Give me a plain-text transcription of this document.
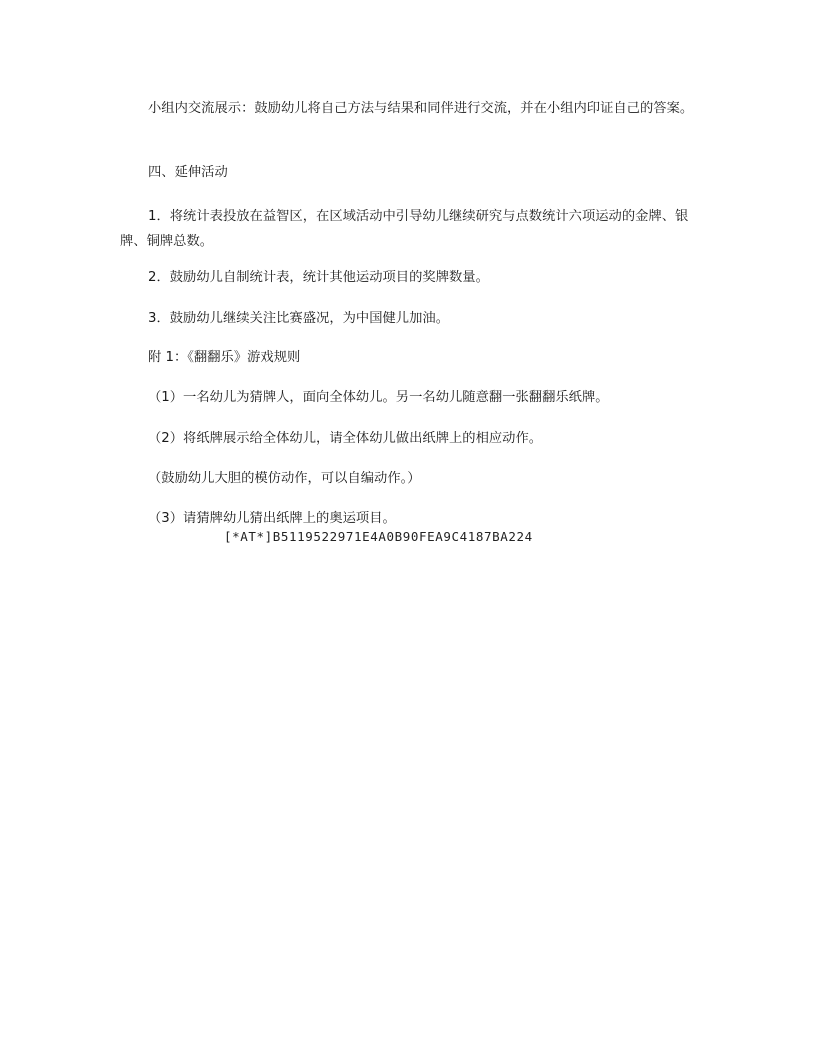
小组内交流展示：鼓励幼儿将自己方法与结果和同伴进行交流，并在小组内印证自己的答案。

四、延伸活动

1．将统计表投放在益智区，在区域活动中引导幼儿继续研究与点数统计六项运动的金牌、银牌、铜牌总数。

2．鼓励幼儿自制统计表，统计其他运动项目的奖牌数量。

3．鼓励幼儿继续关注比赛盛况，为中国健儿加油。

附 1：《翻翻乐》游戏规则

（1）一名幼儿为猜牌人，面向全体幼儿。另一名幼儿随意翻一张翻翻乐纸牌。

（2）将纸牌展示给全体幼儿，请全体幼儿做出纸牌上的相应动作。

（鼓励幼儿大胆的模仿动作，可以自编动作。）

（3）请猜牌幼儿猜出纸牌上的奥运项目。

[*AT*]B5119522971E4A0B90FEA9C4187BA224
